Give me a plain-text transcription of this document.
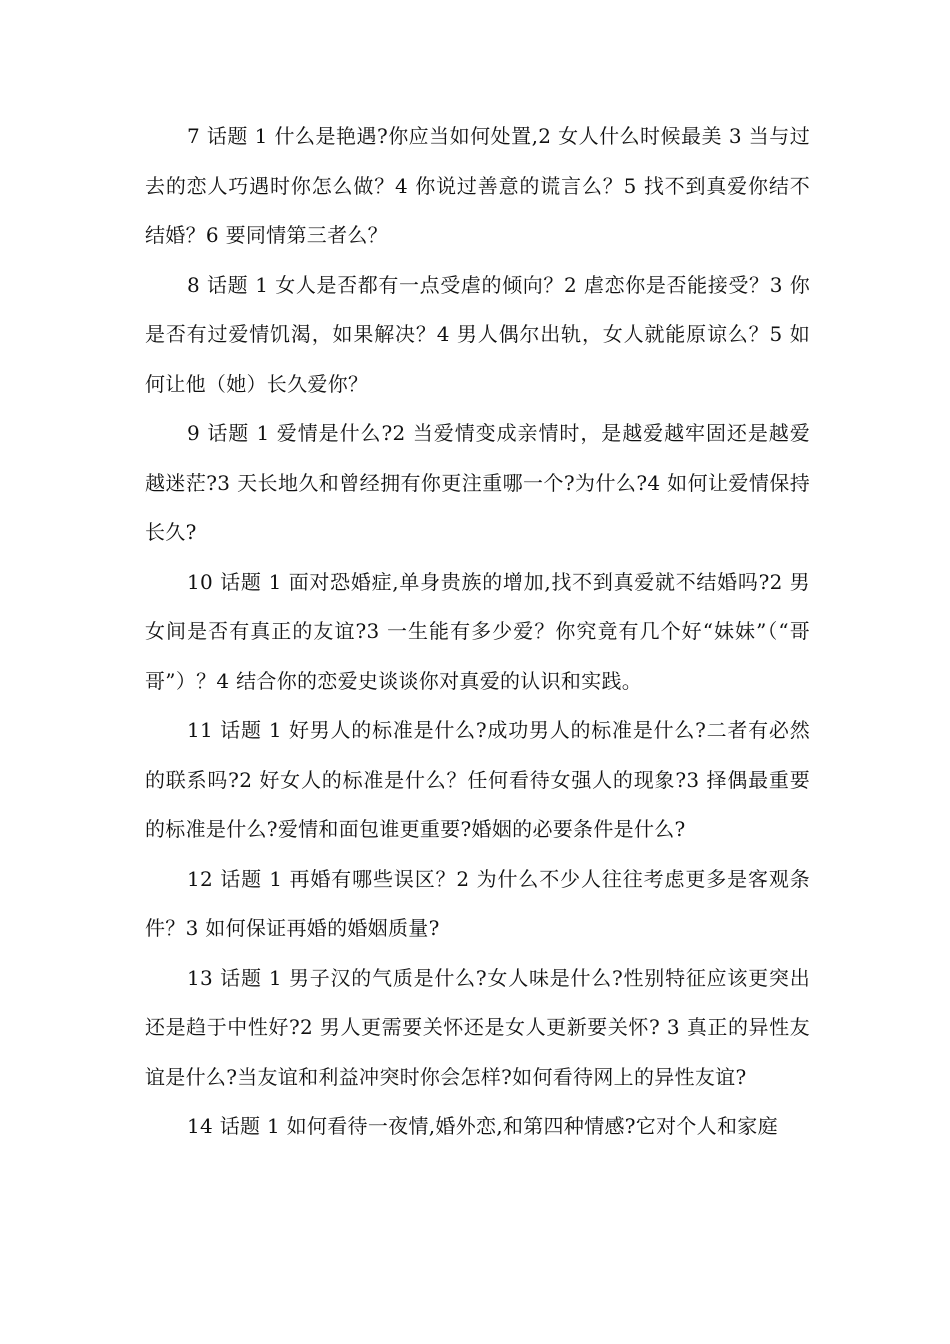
7 话题 1 什么是艳遇?你应当如何处置,2 女人什么时候最美 3 当与过去的恋人巧遇时你怎么做？4 你说过善意的谎言么？5 找不到真爱你结不结婚？6 要同情第三者么？

8 话题 1 女人是否都有一点受虐的倾向？2 虐恋你是否能接受？3 你是否有过爱情饥渴，如果解决？4 男人偶尔出轨，女人就能原谅么？5 如何让他（她）长久爱你？

9 话题 1 爱情是什么?2 当爱情变成亲情时，是越爱越牢固还是越爱越迷茫?3 天长地久和曾经拥有你更注重哪一个?为什么?4 如何让爱情保持长久?

10 话题 1 面对恐婚症,单身贵族的增加,找不到真爱就不结婚吗?2 男女间是否有真正的友谊?3 一生能有多少爱？你究竟有几个好“妹妹”（“哥哥”）？4 结合你的恋爱史谈谈你对真爱的认识和实践。

11 话题 1 好男人的标准是什么?成功男人的标准是什么?二者有必然的联系吗?2 好女人的标准是什么？任何看待女强人的现象?3 择偶最重要的标准是什么?爱情和面包谁更重要?婚姻的必要条件是什么?

12 话题 1 再婚有哪些误区？2 为什么不少人往往考虑更多是客观条件？3 如何保证再婚的婚姻质量?

13 话题 1 男子汉的气质是什么?女人味是什么?性别特征应该更突出还是趋于中性好?2 男人更需要关怀还是女人更新要关怀? 3 真正的异性友谊是什么?当友谊和利益冲突时你会怎样?如何看待网上的异性友谊?

14 话题 1 如何看待一夜情,婚外恋,和第四种情感?它对个人和家庭
